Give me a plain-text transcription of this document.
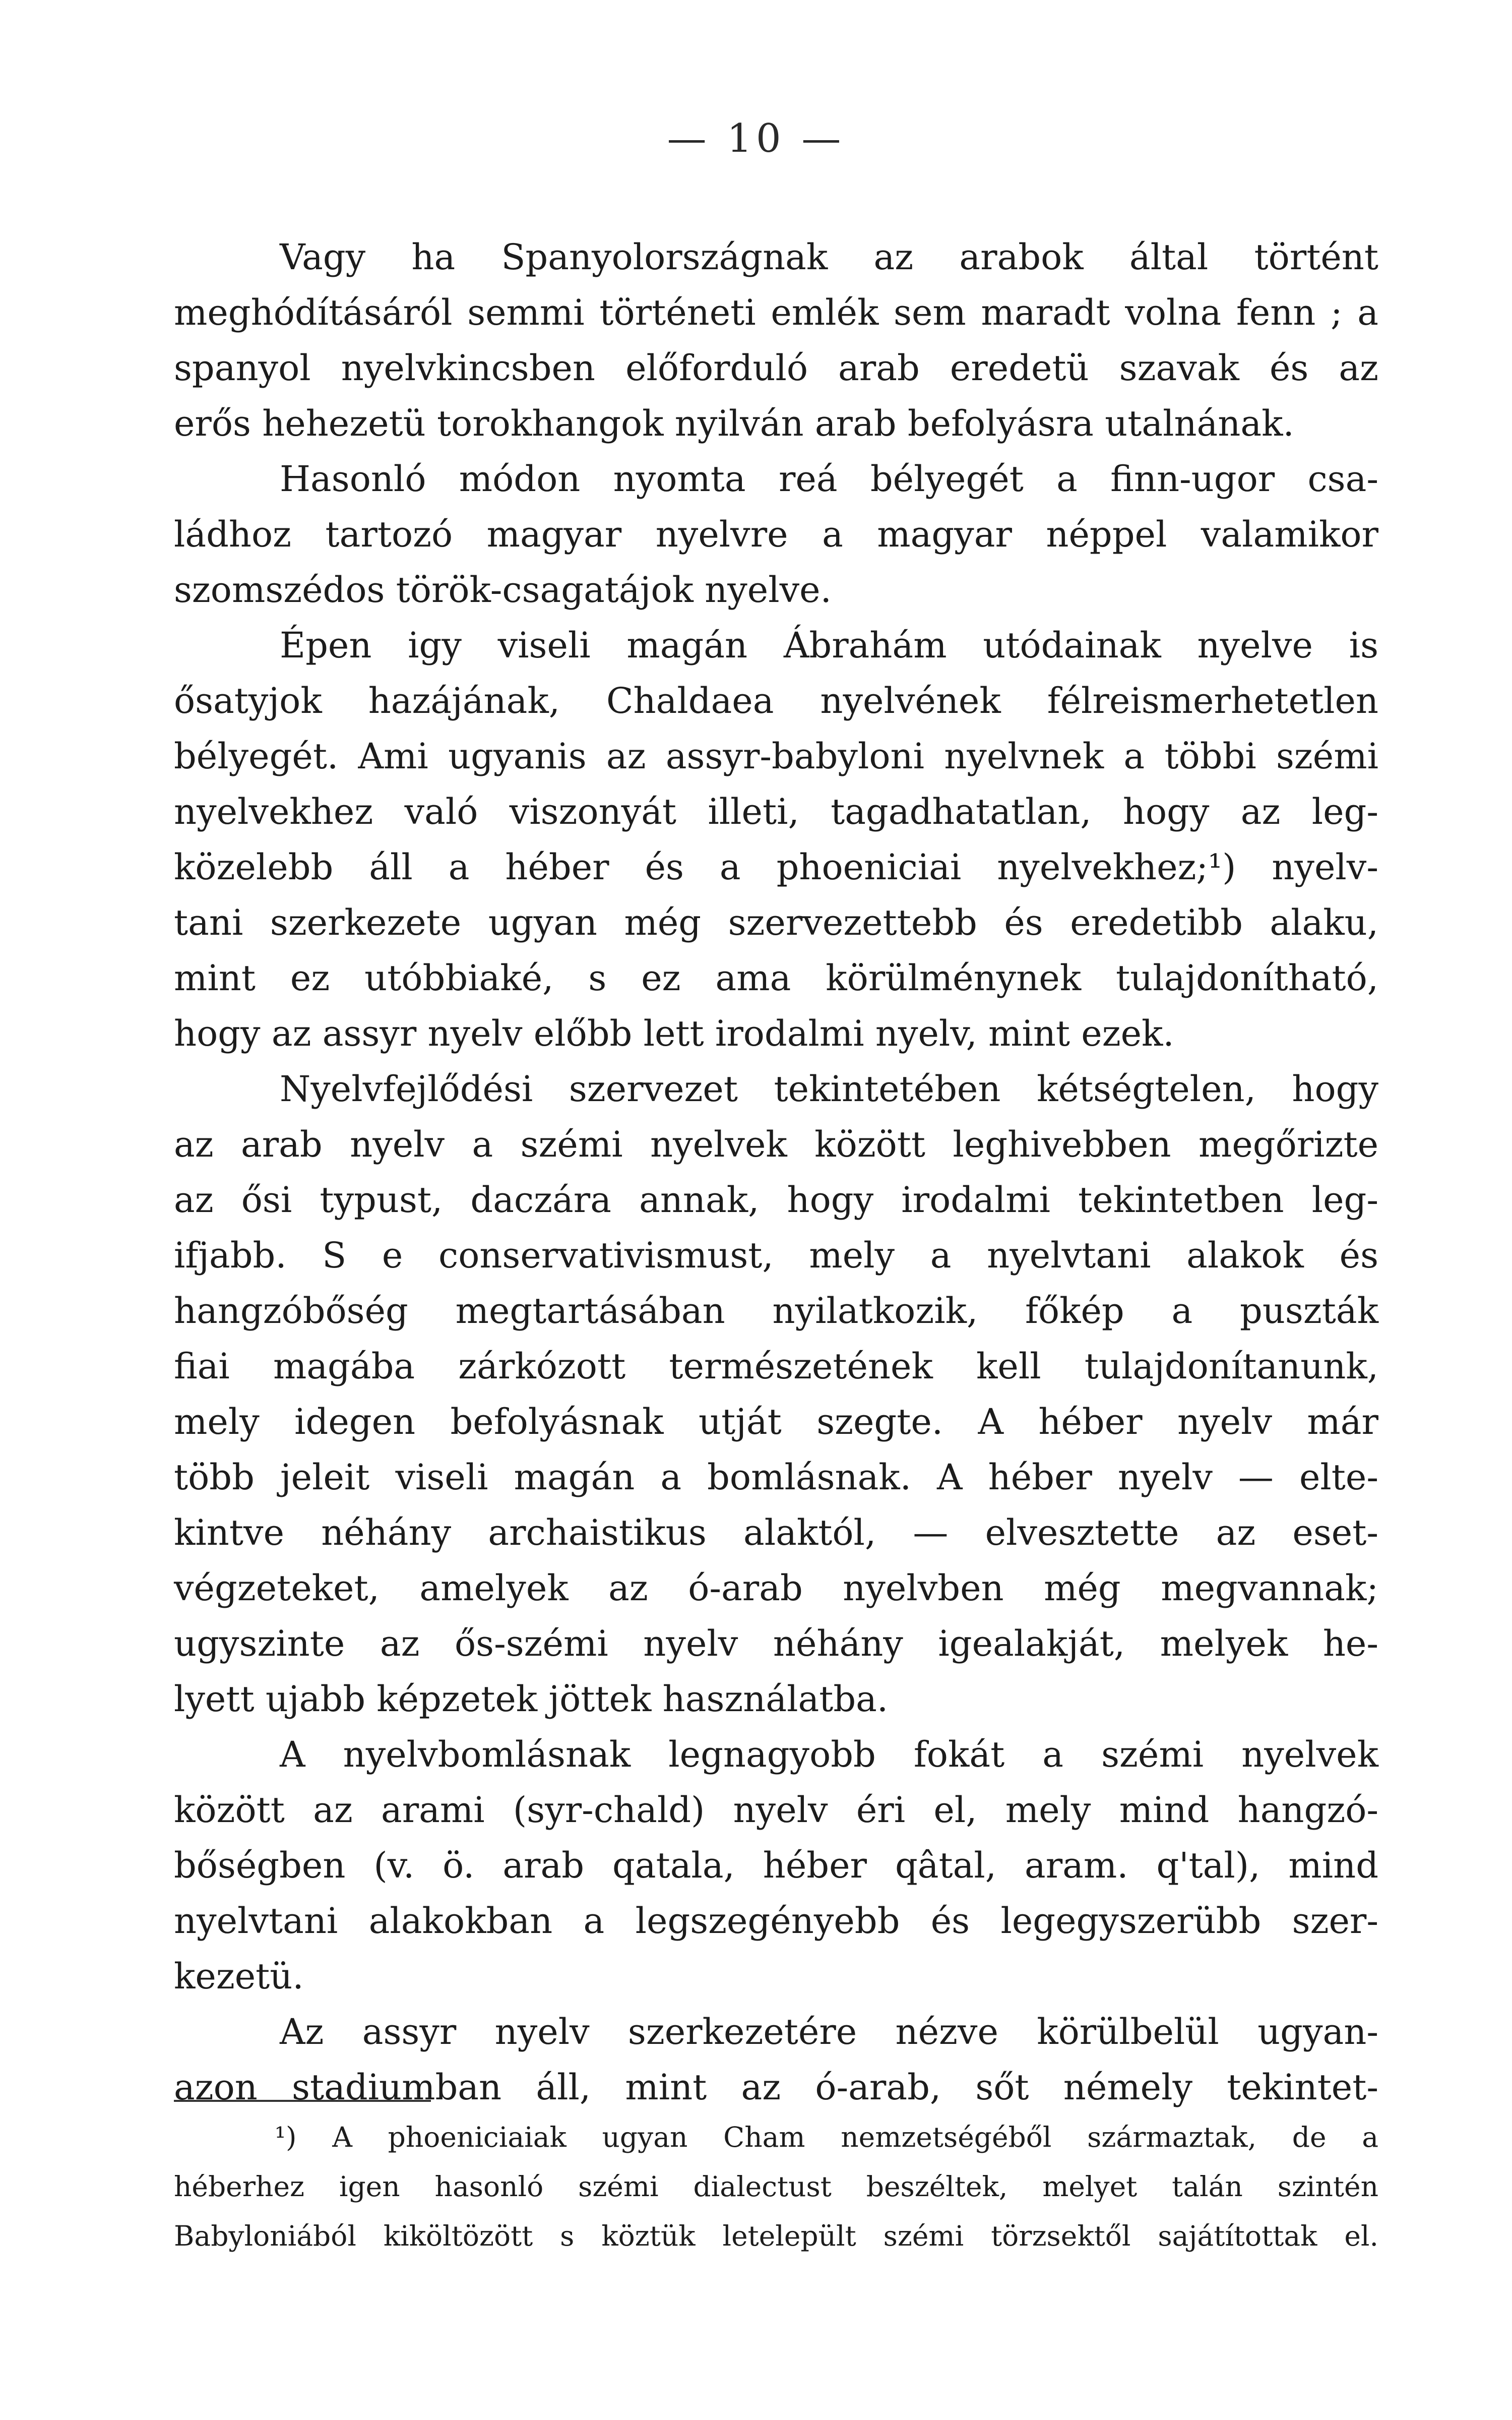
— 10 —
Vagy ha Spanyolországnak az arabok által történt
meghódításáról semmi történeti emlék sem maradt volna fenn ; a
spanyol nyelvkincsben előforduló arab eredetü szavak és az
erős hehezetü torokhangok nyilván arab befolyásra utalnának.
Hasonló módon nyomta reá bélyegét a finn-ugor csa-
ládhoz tartozó magyar nyelvre a magyar néppel valamikor
szomszédos török-csagatájok nyelve.
Épen igy viseli magán Ábrahám utódainak nyelve is
ősatyjok hazájának, Chaldaea nyelvének félreismerhetetlen
bélyegét. Ami ugyanis az assyr-babyloni nyelvnek a többi szémi
nyelvekhez való viszonyát illeti, tagadhatatlan, hogy az leg-
közelebb áll a héber és a phoeniciai nyelvekhez;¹) nyelv-
tani szerkezete ugyan még szervezettebb és eredetibb alaku,
mint ez utóbbiaké, s ez ama körülménynek tulajdonítható,
hogy az assyr nyelv előbb lett irodalmi nyelv, mint ezek.
Nyelvfejlődési szervezet tekintetében kétségtelen, hogy
az arab nyelv a szémi nyelvek között leghivebben megőrizte
az ősi typust, daczára annak, hogy irodalmi tekintetben leg-
ifjabb. S e conservativismust, mely a nyelvtani alakok és
hangzóbőség megtartásában nyilatkozik, főkép a puszták
fiai magába zárkózott természetének kell tulajdonítanunk,
mely idegen befolyásnak utját szegte. A héber nyelv már
több jeleit viseli magán a bomlásnak. A héber nyelv — elte-
kintve néhány archaistikus alaktól, — elvesztette az eset-
végzeteket, amelyek az ó-arab nyelvben még megvannak;
ugyszinte az ős-szémi nyelv néhány igealakját, melyek he-
lyett ujabb képzetek jöttek használatba.
A nyelvbomlásnak legnagyobb fokát a szémi nyelvek
között az arami (syr-chald) nyelv éri el, mely mind hangzó-
bőségben (v. ö. arab qatala, héber qâtal, aram. q'tal), mind
nyelvtani alakokban a legszegényebb és legegyszerübb szer-
kezetü.
Az assyr nyelv szerkezetére nézve körülbelül ugyan-
azon stadiumban áll, mint az ó-arab, sőt némely tekintet-
¹) A phoeniciaiak ugyan Cham nemzetségéből származtak, de a
héberhez igen hasonló szémi dialectust beszéltek, melyet talán szintén
Babyloniából kiköltözött s köztük letelepült szémi törzsektől sajátítottak el.
